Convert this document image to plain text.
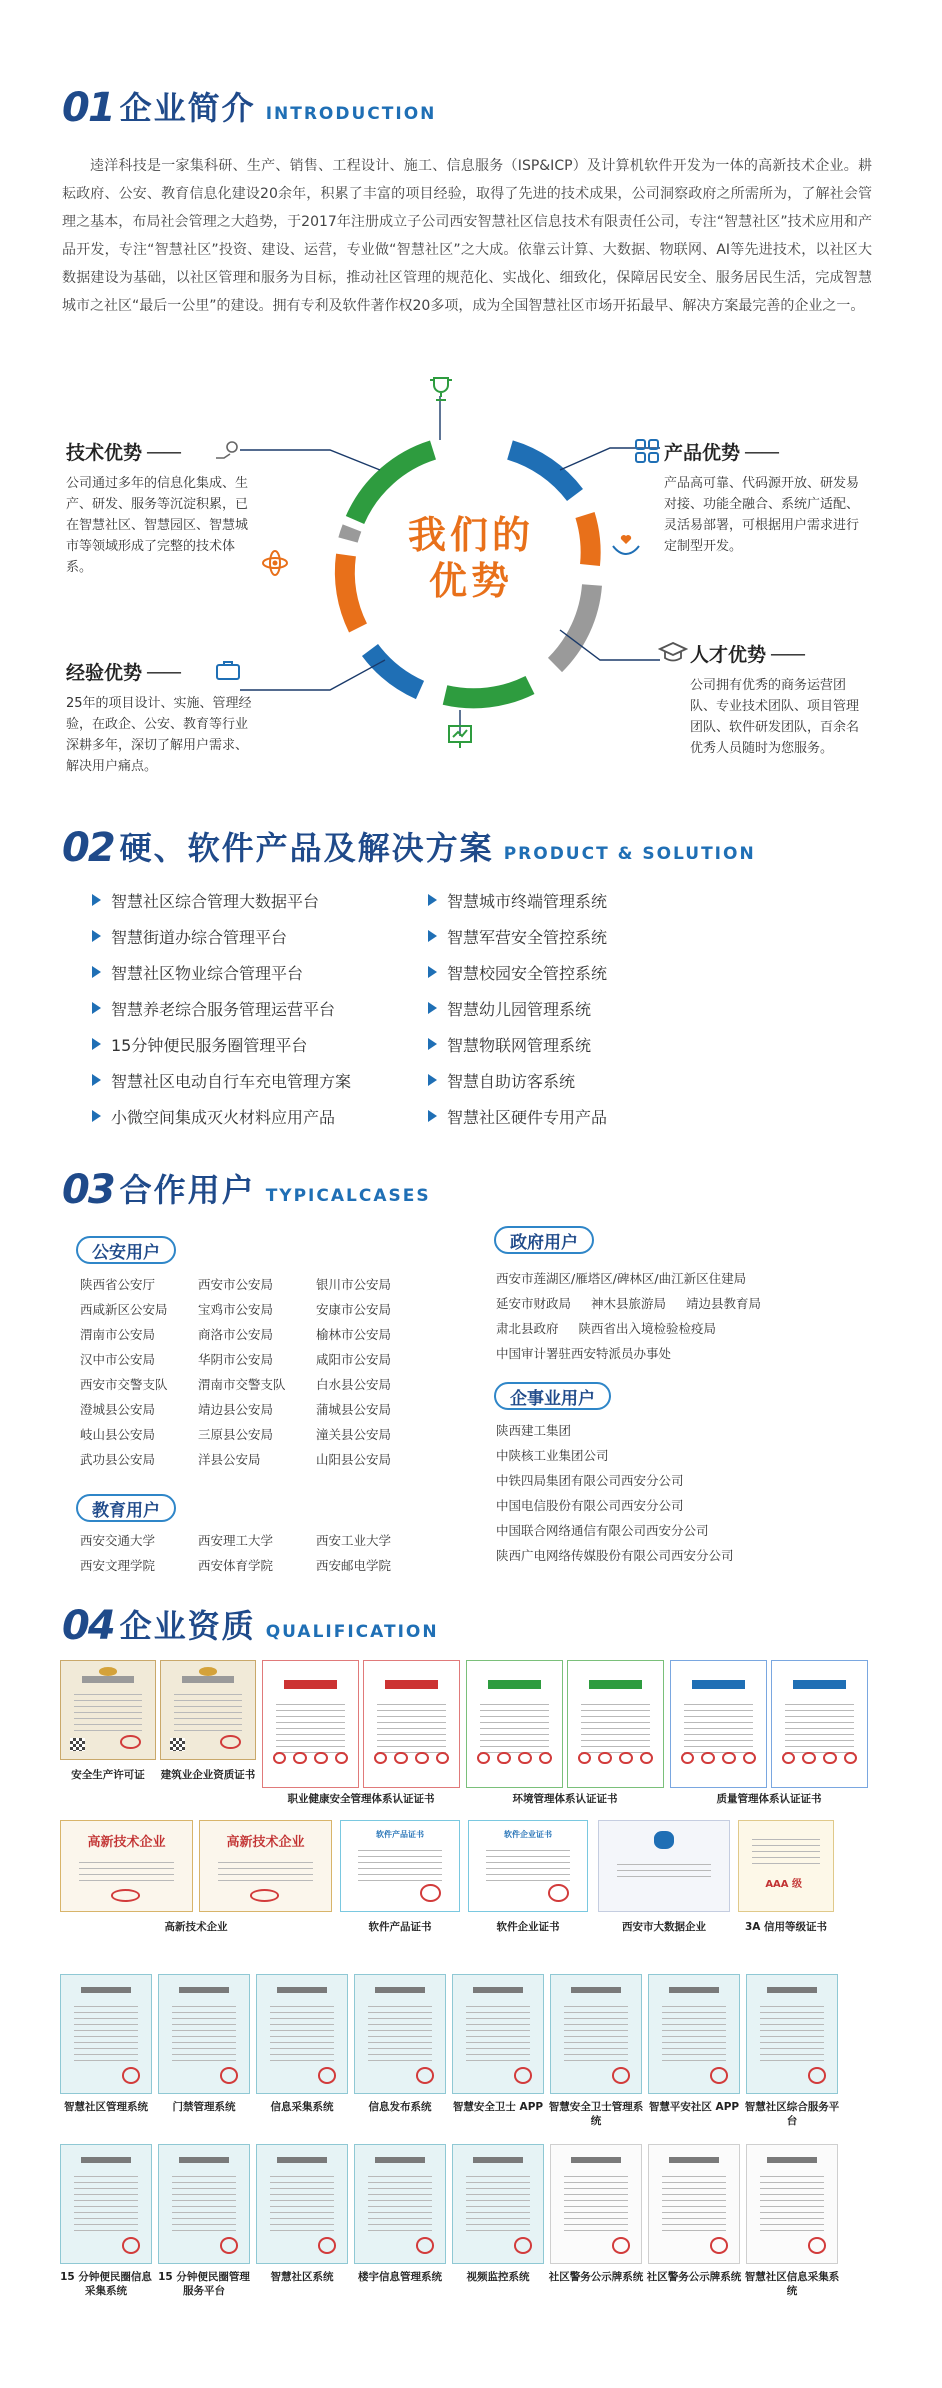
01 企业简介 INTRODUCTION

逵洋科技是一家集科研、生产、销售、工程设计、施工、信息服务（ISP&ICP）及计算机软件开发为一体的高新技术企业。耕耘政府、公安、教育信息化建设20余年，积累了丰富的项目经验，取得了先进的技术成果，公司洞察政府之所需所为，了解社会管理之基本，布局社会管理之大趋势，于2017年注册成立子公司西安智慧社区信息技术有限责任公司，专注“智慧社区”技术应用和产品开发，专注“智慧社区”投资、建设、运营，专业做“智慧社区”之大成。依靠云计算、大数据、物联网、AI等先进技术，以社区大数据建设为基础，以社区管理和服务为目标，推动社区管理的规范化、实战化、细致化，保障居民安全、服务居民生活，完成智慧城市之社区“最后一公里”的建设。拥有专利及软件著作权20多项，成为全国智慧社区市场开拓最早、解决方案最完善的企业之一。

我们的
优势
技术优势 ——
公司通过多年的信息化集成、生产、研发、服务等沉淀积累，已在智慧社区、智慧园区、智慧城市等领域形成了完整的技术体系。
产品优势 ——
产品高可靠、代码源开放、研发易对接、功能全融合、系统广适配、灵活易部署，可根据用户需求进行定制型开发。
经验优势 ——
25年的项目设计、实施、管理经验，在政企、公安、教育等行业深耕多年，深切了解用户需求、解决用户痛点。
人才优势 ——
公司拥有优秀的商务运营团队、专业技术团队、项目管理团队、软件研发团队，百余名优秀人员随时为您服务。
02 硬、软件产品及解决方案 PRODUCT & SOLUTION
智慧社区综合管理大数据平台
智慧街道办综合管理平台
智慧社区物业综合管理平台
智慧养老综合服务管理运营平台
15分钟便民服务圈管理平台
智慧社区电动自行车充电管理方案
小微空间集成灭火材料应用产品
智慧城市终端管理系统
智慧军营安全管控系统
智慧校园安全管控系统
智慧幼儿园管理系统
智慧物联网管理系统
智慧自助访客系统
智慧社区硬件专用产品
03 合作用户 TYPICALCASES
公安用户
陕西省公安厅	西安市公安局	银川市公安局
西咸新区公安局	宝鸡市公安局	安康市公安局
渭南市公安局	商洛市公安局	榆林市公安局
汉中市公安局	华阴市公安局	咸阳市公安局
西安市交警支队	渭南市交警支队	白水县公安局
澄城县公安局	靖边县公安局	蒲城县公安局
岐山县公安局	三原县公安局	潼关县公安局
武功县公安局	洋县公安局	山阳县公安局
教育用户
西安交通大学	西安理工大学	西安工业大学
西安文理学院	西安体育学院	西安邮电学院
政府用户
西安市莲湖区/雁塔区/碑林区/曲江新区住建局
延安市财政局 神木县旅游局 靖边县教育局
肃北县政府 陕西省出入境检验检疫局
中国审计署驻西安特派员办事处
企事业用户
陕西建工集团
中陕核工业集团公司
中铁四局集团有限公司西安分公司
中国电信股份有限公司西安分公司
中国联合网络通信有限公司西安分公司
陕西广电网络传媒股份有限公司西安分公司
04 企业资质 QUALIFICATION
安全生产许可证	建筑业企业资质证书
职业健康安全管理体系认证证书	环境管理体系认证证书	质量管理体系认证证书
高新技术企业	高新技术企业
高新技术企业
软件产品证书
软件产品证书
软件企业证书
软件企业证书	西安市大数据企业
AAA 级
3A 信用等级证书
智慧社区管理系统	门禁管理系统	信息采集系统	信息发布系统	智慧安全卫士 APP 智慧安全卫士管理系统
智慧平安社区 APP 智慧社区综合服务平台
15 分钟便民圈信息采集系统
15 分钟便民圈管理服务平台
智慧社区系统	楼宇信息管理系统	视频监控系统	社区警务公示牌系统 社区警务公示牌系统 智慧社区信息采集系统
